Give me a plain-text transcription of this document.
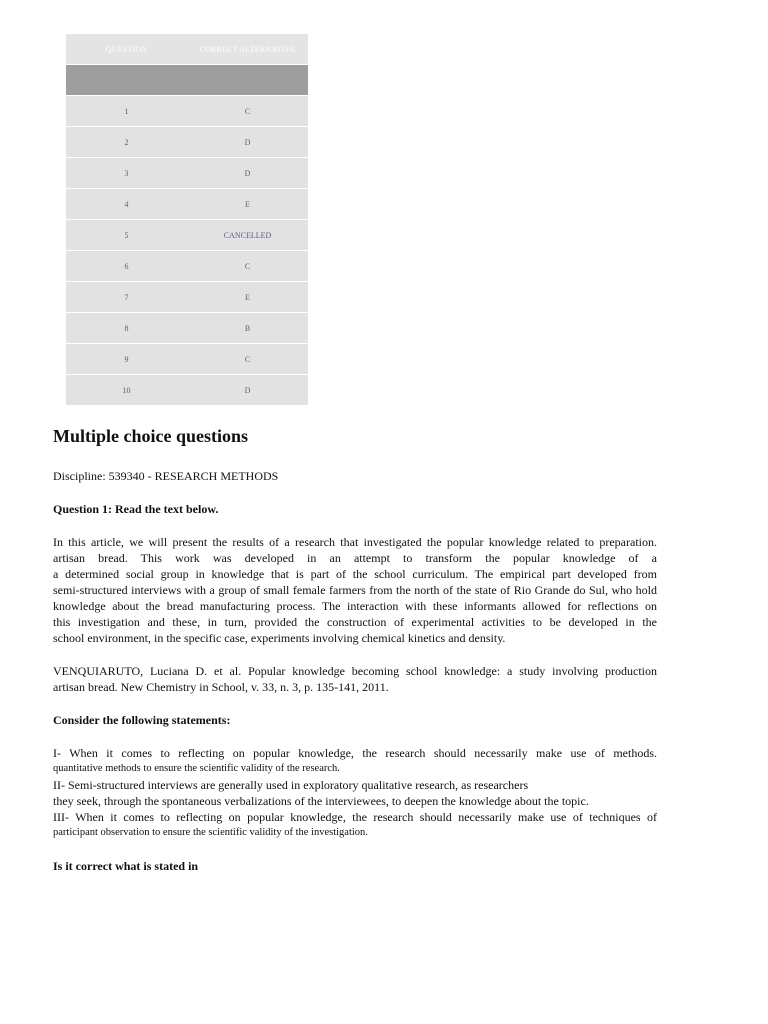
QUESTION	CORRECT ALTERNATIVE

1	C
2	D
3	D
4	E
5	CANCELLED
6	C
7	E
8	B
9	C
10	D
Multiple choice questions

Discipline: 539340 - RESEARCH METHODS

Question 1: Read the text below.

In this article, we will present the results of a research that investigated the popular knowledge related to preparation.
artisan bread. This work was developed in an attempt to transform the popular knowledge of a
a determined social group in knowledge that is part of the school curriculum. The empirical part developed from
semi-structured interviews with a group of small female farmers from the north of the state of Rio Grande do Sul, who hold
knowledge about the bread manufacturing process. The interaction with these informants allowed for reflections on
this investigation and these, in turn, provided the construction of experimental activities to be developed in the
school environment, in the specific case, experiments involving chemical kinetics and density.
VENQUIARUTO, Luciana D. et al. Popular knowledge becoming school knowledge: a study involving production
artisan bread. New Chemistry in School, v. 33, n. 3, p. 135-141, 2011.

Consider the following statements:

I- When it comes to reflecting on popular knowledge, the research should necessarily make use of methods.
quantitative methods to ensure the scientific validity of the research.
II- Semi-structured interviews are generally used in exploratory qualitative research, as researchers
they seek, through the spontaneous verbalizations of the interviewees, to deepen the knowledge about the topic.
III- When it comes to reflecting on popular knowledge, the research should necessarily make use of techniques of
participant observation to ensure the scientific validity of the investigation.

Is it correct what is stated in
